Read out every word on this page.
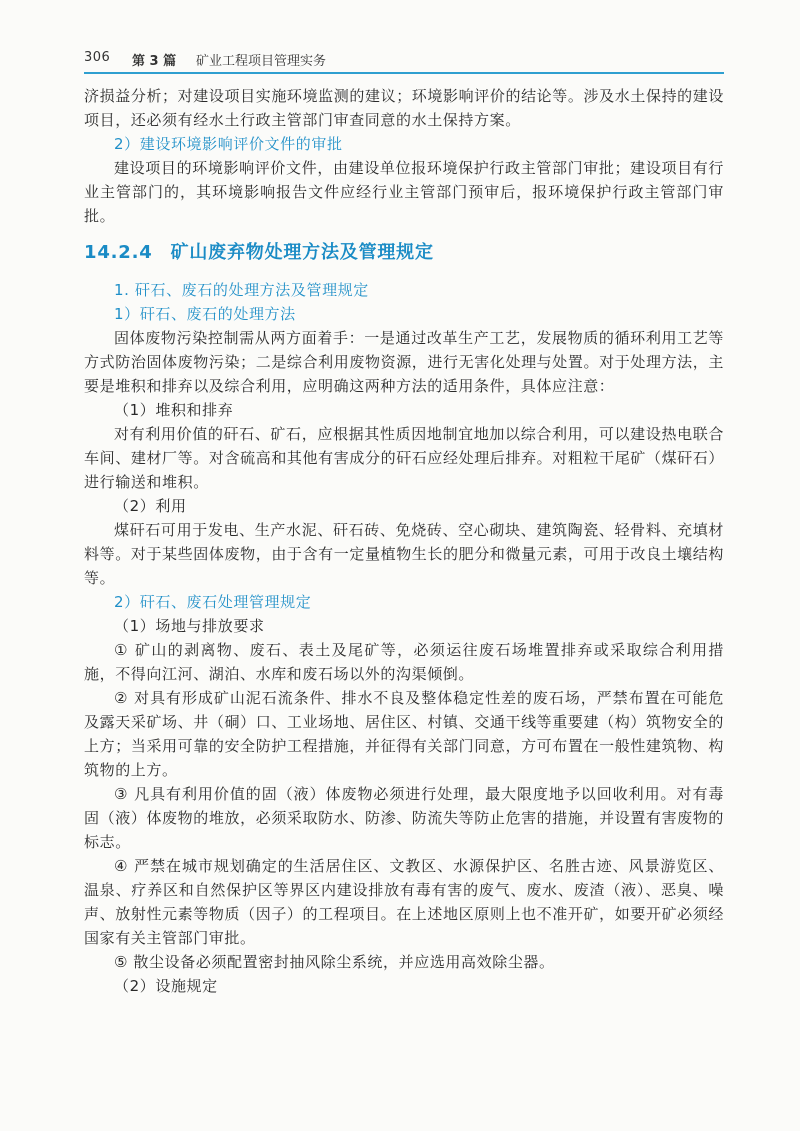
306 第 3 篇 矿业工程项目管理实务

济损益分析；对建设项目实施环境监测的建议；环境影响评价的结论等。涉及水土保持的建设项目，还必须有经水土行政主管部门审查同意的水土保持方案。

2）建设环境影响评价文件的审批

建设项目的环境影响评价文件，由建设单位报环境保护行政主管部门审批；建设项目有行业主管部门的，其环境影响报告文件应经行业主管部门预审后，报环境保护行政主管部门审批。

14.2.4 矿山废弃物处理方法及管理规定

1. 矸石、废石的处理方法及管理规定

1）矸石、废石的处理方法

固体废物污染控制需从两方面着手：一是通过改革生产工艺，发展物质的循环利用工艺等方式防治固体废物污染；二是综合利用废物资源，进行无害化处理与处置。对于处理方法，主要是堆积和排弃以及综合利用，应明确这两种方法的适用条件，具体应注意：

（1）堆积和排弃

对有利用价值的矸石、矿石，应根据其性质因地制宜地加以综合利用，可以建设热电联合车间、建材厂等。对含硫高和其他有害成分的矸石应经处理后排弃。对粗粒干尾矿（煤矸石）进行输送和堆积。

（2）利用

煤矸石可用于发电、生产水泥、矸石砖、免烧砖、空心砌块、建筑陶瓷、轻骨料、充填材料等。对于某些固体废物，由于含有一定量植物生长的肥分和微量元素，可用于改良土壤结构等。

2）矸石、废石处理管理规定

（1）场地与排放要求

① 矿山的剥离物、废石、表土及尾矿等，必须运往废石场堆置排弃或采取综合利用措施，不得向江河、湖泊、水库和废石场以外的沟渠倾倒。

② 对具有形成矿山泥石流条件、排水不良及整体稳定性差的废石场，严禁布置在可能危及露天采矿场、井（硐）口、工业场地、居住区、村镇、交通干线等重要建（构）筑物安全的上方；当采用可靠的安全防护工程措施，并征得有关部门同意，方可布置在一般性建筑物、构筑物的上方。

③ 凡具有利用价值的固（液）体废物必须进行处理，最大限度地予以回收利用。对有毒固（液）体废物的堆放，必须采取防水、防渗、防流失等防止危害的措施，并设置有害废物的标志。

④ 严禁在城市规划确定的生活居住区、文教区、水源保护区、名胜古迹、风景游览区、温泉、疗养区和自然保护区等界区内建设排放有毒有害的废气、废水、废渣（液）、恶臭、噪声、放射性元素等物质（因子）的工程项目。在上述地区原则上也不准开矿，如要开矿必须经国家有关主管部门审批。

⑤ 散尘设备必须配置密封抽风除尘系统，并应选用高效除尘器。

（2）设施规定
